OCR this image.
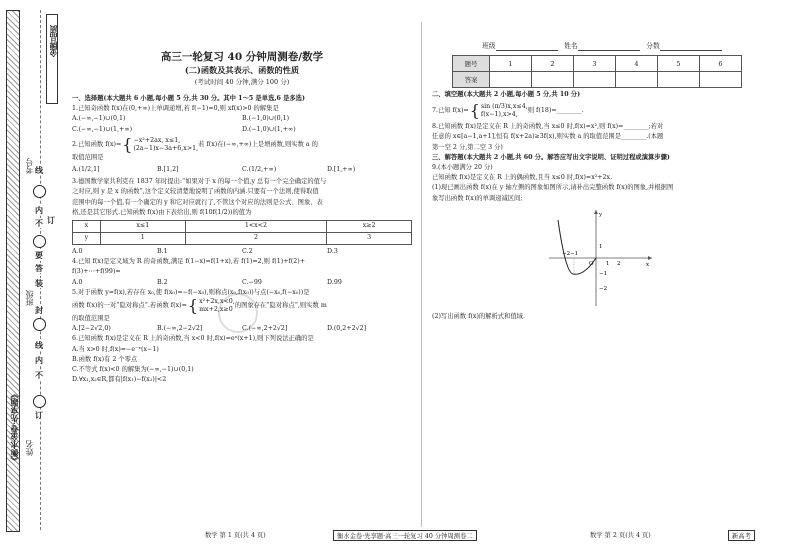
《衡水金卷·先享题》
考号
班级
姓名
线
内
不
要
答
订
装
封
线
内
不
订
金牌品质	高三一轮复习 40 分钟周测卷/数学
(二)函数及其表示、函数的性质
(考试时间 40 分钟,满分 100 分)
一、选择题(本大题共 6 小题,每小题 5 分,共 30 分。其中 1～5 是单选,6 是多选)
1.已知奇函数 f(x)在(0,+∞)上单调递增,若 f(−1)=0,则 xf(x)>0 的解集是
A.(−∞,−1)∪(0,1)	B.(−1,0)∪(0,1)
C.(−∞,−1)∪(1,+∞)	D.(−1,0)∪(1,+∞)
2.已知函数 f(x)= { −x²+2ax, x≤1,
(2a−1)x−3a+6,x>1,
若 f(x)在(−∞,+∞)上是增函数,则实数 a 的
取值范围是
A.(1/2,1]	B.[1,2]	C.(1/2,+∞)	D.[1,+∞)
3.德国数学家共利克在 1837 年时提出:“如果对于 x 的每一个值,y 总有一个完全确定的值与
之对应,则 y 是 x 的函数”,这个定义较清楚地说明了函数的内涵.只要有一个法则,使得取值
范围中的每一个值,有一个确定的 y 和它对应就行了,不管这个对应的法则是公式、图象、表
格,还是其它形式.已知函数 f(x)由下表给出,则 f(10f(1/2))的值为
x	x≤1	1<x<2	x≥2
y	1	2	3
A.0	B.1	C.2	D.3
4.已知 f(x)是定义域为 R 的奇函数,满足 f(1−x)=f(1+x),若 f(1)=2,则 f(1)+f(2)+
f(3)+⋯+f(99)=
A.0	B.2	C.−99	D.99
5.对于函数 y=f(x),若存在 x₀,使 f(x₀)=−f(−x₀),则称点(x₀,f(x₀))与点(−x₀,f(−x₀))是
函数 f(x)的一对“隐对称点”.若函数 f(x)= { x²+2x,x<0,
mx+2,x≥0
的图象存在“隐对称点”,则实数 m
的取值范围是
A.[2−2√2,0)	B.(−∞,2−2√2]	C.(−∞,2+2√2]	D.(0,2+2√2]
6.已知函数 f(x)是定义在 R 上的奇函数,当 x<0 时,f(x)=eˣ(x+1),则下列说法正确的是
A.当 x>0 时,f(x)=−e⁻ˣ(x−1)
B.函数 f(x)有 2 个零点
C.不等式 f(x)<0 的解集为(−∞,−1)∪(0,1)
D.∀x₁,x₂∈R,都有|f(x₁)−f(x₂)|<2
班级	姓名	分数
题号	1	2	3	4	5	6
答案						
二、填空题(本大题共 2 小题,每小题 5 分,共 10 分)
7.已知 f(x)= { sin (π/3)x,x≤4,
f(x−1),x>4,
则 f(18)=________.
8.已知函数 f(x)是定义在 R 上的奇函数,当 x≤0 时,f(x)=x²,则 f(x)=________;若对
任意的 x∈[a−1,a+1],恒有 f(x+2a)≥3f(x),则实数 a 的取值范围是________.(本题
第一空 2 分,第二空 3 分)
三、解答题(本大题共 2 小题,共 60 分。解答应写出文字说明、证明过程或演算步骤)
9.(本小题满分 20 分)
已知函数 f(x)是定义在 R 上的偶函数,且当 x≤0 时,f(x)=x²+2x.
(1)现已画出函数 f(x)在 y 轴左侧的图象如图所示,请补出完整函数 f(x)的图象,并根据图
象写出函数 f(x)的单调递减区间;
−2 −1
O 1 2	x
y
1
−1
−2
(2)写出函数 f(x)的解析式和值域.
数学 第 1 页(共 4 页)	衡水金卷·先享题·高三一轮复习 40 分钟周测卷二	数学 第 2 页(共 4 页)	新高考
